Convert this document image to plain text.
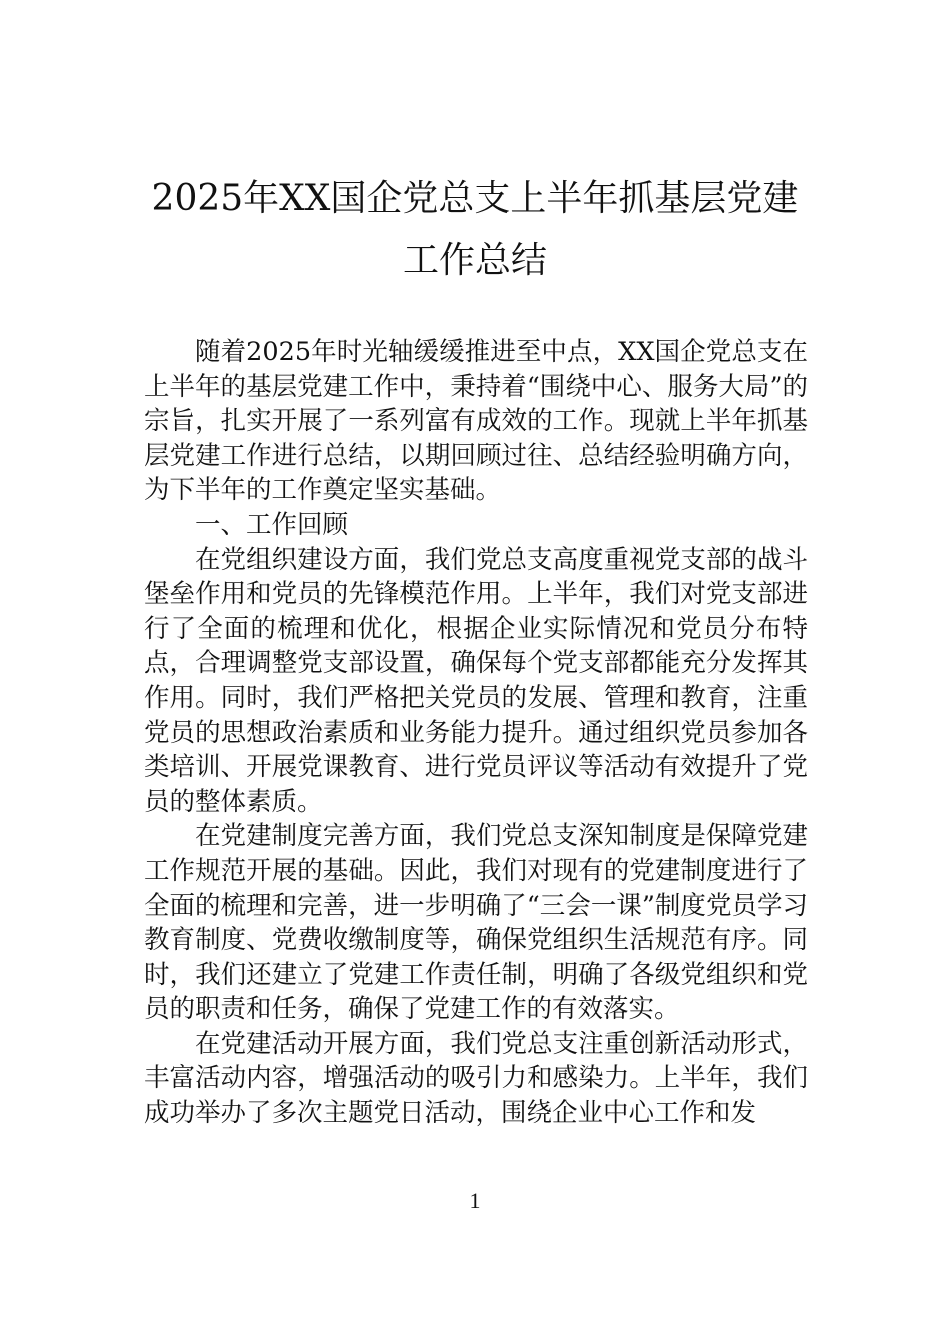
2025年XX国企党总支上半年抓基层党建
工作总结

随着2025年时光轴缓缓推进至中点，XX国企党总支在上半年的基层党建工作中，秉持着“围绕中心、服务大局”的宗旨，扎实开展了一系列富有成效的工作。现就上半年抓基层党建工作进行总结，以期回顾过往、总结经验明确方向，为下半年的工作奠定坚实基础。

一、工作回顾

在党组织建设方面，我们党总支高度重视党支部的战斗堡垒作用和党员的先锋模范作用。上半年，我们对党支部进行了全面的梳理和优化，根据企业实际情况和党员分布特点，合理调整党支部设置，确保每个党支部都能充分发挥其作用。同时，我们严格把关党员的发展、管理和教育，注重党员的思想政治素质和业务能力提升。通过组织党员参加各类培训、开展党课教育、进行党员评议等活动有效提升了党员的整体素质。

在党建制度完善方面，我们党总支深知制度是保障党建工作规范开展的基础。因此，我们对现有的党建制度进行了全面的梳理和完善，进一步明确了“三会一课”制度党员学习教育制度、党费收缴制度等，确保党组织生活规范有序。同时，我们还建立了党建工作责任制，明确了各级党组织和党员的职责和任务，确保了党建工作的有效落实。

在党建活动开展方面，我们党总支注重创新活动形式，丰富活动内容，增强活动的吸引力和感染力。上半年，我们成功举办了多次主题党日活动，围绕企业中心工作和发

1
